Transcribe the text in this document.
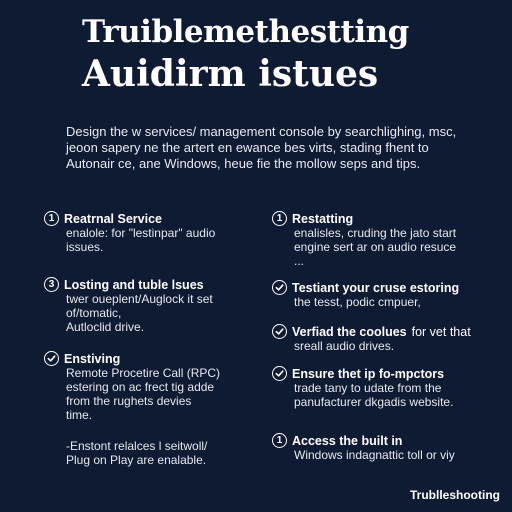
Truiblemethestting
Auidirm istues
Design the w services/ management console by searchlighing, msc,
jeoon sapery ne the artert en ewance bes virts, stading fhent to
Autonair ce, ane Windows, heue fie the mollow seps and tips.
1 Reatrnal Service
enalole: for "lestinpar" audio
issues.
3 Losting and tuble lsues
twer oueplent/Auglock it set
of/tomatic,
Autloclid drive.
Enstiving
Remote Procetire Call (RPC)
estering on ac frect tig adde
from the rughets devies
time.
-Enstont relalces l seitwoll/
Plug on Play are enalable.
1 Restatting
enalisles, cruding the jato start
engine sert ar on audio resuce
...
Testiant your cruse estoring
the tesst, podic cmpuer,
Verfiad the coolues for vet that
sreall audio drives.
Ensure thet ip fo-mpctors
trade tany to udate from the
panufacturer dkgadis website.
1 Access the built in
Windows indagnattic toll or viy
Trublleshooting
